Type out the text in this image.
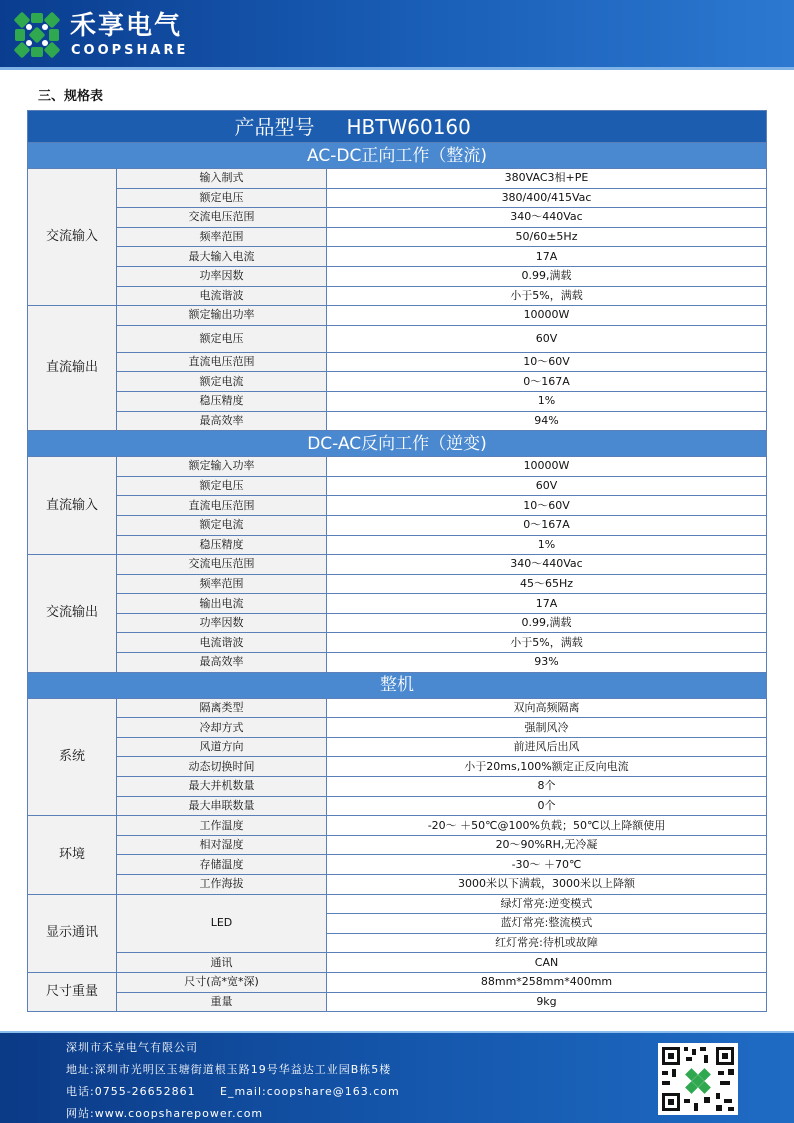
禾享电气
COOPSHARE
三、规格表
产品型号		HBTW60160
AC-DC正向工作（整流)		
交流输入	输入制式	380VAC3相+PE
	额定电压	380/400/415Vac
	交流电压范围	340～440Vac
	频率范围	50/60±5Hz
	最大输入电流	17A
	功率因数	0.99,满载
	电流谐波	小于5%，满载
直流输出	额定输出功率	10000W
	额定电压	60V
	直流电压范围	10～60V
	额定电流	0～167A
	稳压精度	1%
	最高效率	94%
DC-AC反向工作（逆变)		
直流输入	额定输入功率	10000W
	额定电压	60V
	直流电压范围	10～60V
	额定电流	0～167A
	稳压精度	1%
交流输出	交流电压范围	340～440Vac
	频率范围	45～65Hz
	输出电流	17A
	功率因数	0.99,满载
	电流谐波	小于5%，满载
	最高效率	93%
整机		
系统	隔离类型	双向高频隔离
	冷却方式	强制风冷
	风道方向	前进风后出风
	动态切换时间	小于20ms,100%额定正反向电流
	最大并机数量	8个
	最大串联数量	0个
环境	工作温度	-20～ ＋50℃@100%负载；50℃以上降额使用
	相对湿度	20～90%RH,无冷凝
	存储温度	-30～ ＋70℃
	工作海拔	3000米以下满载，3000米以上降额
显示通讯	LED	绿灯常亮:逆变模式
		蓝灯常亮:整流模式
		红灯常亮:待机或故障
	通讯	CAN
尺寸重量	尺寸(高*宽*深)	88mm*258mm*400mm
	重量	9kg
深圳市禾享电气有限公司
地址:深圳市光明区玉塘街道根玉路19号华益达工业园B栋5楼
电话:0755-26652861 E_mail:coopshare@163.com
网站:www.coopsharepower.com
